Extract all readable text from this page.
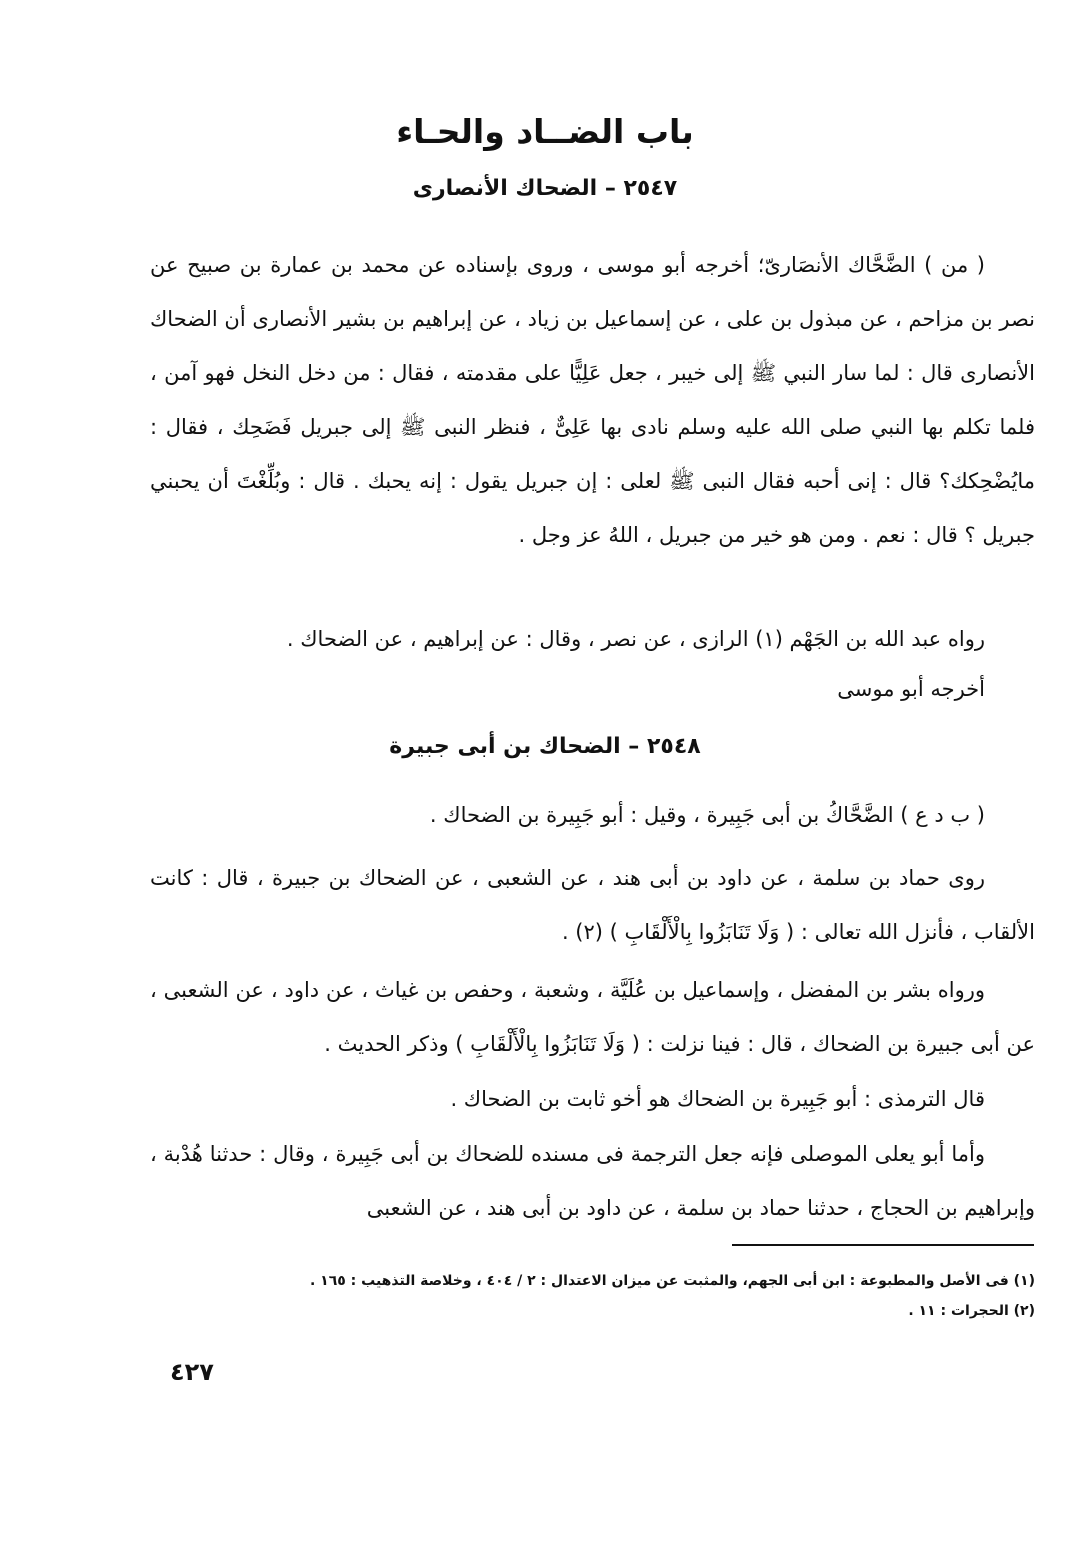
باب الضــاد والحـاء
٢٥٤٧ – الضحاك الأنصارى

( من ) الضَّحَّاك الأنصَارىّ؛ أخرجه أبو موسى ، وروى بإسناده عن محمد بن عمارة بن صبيح عن نصر بن مزاحم ، عن مبذول بن على ، عن إسماعيل بن زياد ، عن إبراهيم بن بشير الأنصارى أن الضحاك الأنصارى قال : لما سار النبي ﷺ إلى خيبر ، جعل عَلِيًّا على مقدمته ، فقال : من دخل النخل فهو آمن ، فلما تكلم بها النبي صلى الله عليه وسلم نادى بها عَلِىٌّ ، فنظر النبى ﷺ إلى جبريل فَضَحِك ، فقال : مايُضْحِكك؟ قال : إنى أحبه فقال النبى ﷺ لعلى : إن جبريل يقول : إنه يحبك . قال : وبُلِّغْتَ أن يحبني جبريل ؟ قال : نعم . ومن هو خير من جبريل ، اللهُ عز وجل .

رواه عبد الله بن الجَهْم (١) الرازى ، عن نصر ، وقال : عن إبراهيم ، عن الضحاك .
أخرجه أبو موسى
٢٥٤٨ – الضحاك بن أبى جبيرة
( ب د ع ) الضَّحَّاكُ بن أبى جَبِيرة ، وقيل : أبو جَبِيرة بن الضحاك .

روى حماد بن سلمة ، عن داود بن أبى هند ، عن الشعبى ، عن الضحاك بن جبيرة ، قال : كانت الألقاب ، فأنزل الله تعالى : ( وَلَا تَنَابَزُوا بِالْأَلْقَابِ ) (٢) .

ورواه بشر بن المفضل ، وإسماعيل بن عُلَيَّة ، وشعبة ، وحفص بن غياث ، عن داود ، عن الشعبى ، عن أبى جبيرة بن الضحاك ، قال : فينا نزلت : ( وَلَا تَنَابَزُوا بِالْأَلْقَابِ ) وذكر الحديث .

قال الترمذى : أبو جَبِيرة بن الضحاك هو أخو ثابت بن الضحاك .

وأما أبو يعلى الموصلى فإنه جعل الترجمة فى مسنده للضحاك بن أبى جَبِيرة ، وقال : حدثنا هُدْبة ، وإبراهيم بن الحجاج ، حدثنا حماد بن سلمة ، عن داود بن أبى هند ، عن الشعبى

(١) فى الأصل والمطبوعة : ابن أبى الجهم، والمثبت عن ميزان الاعتدال : ٢ / ٤٠٤ ، وخلاصة التذهيب : ١٦٥ .
(٢) الحجرات : ١١ .
٤٢٧
